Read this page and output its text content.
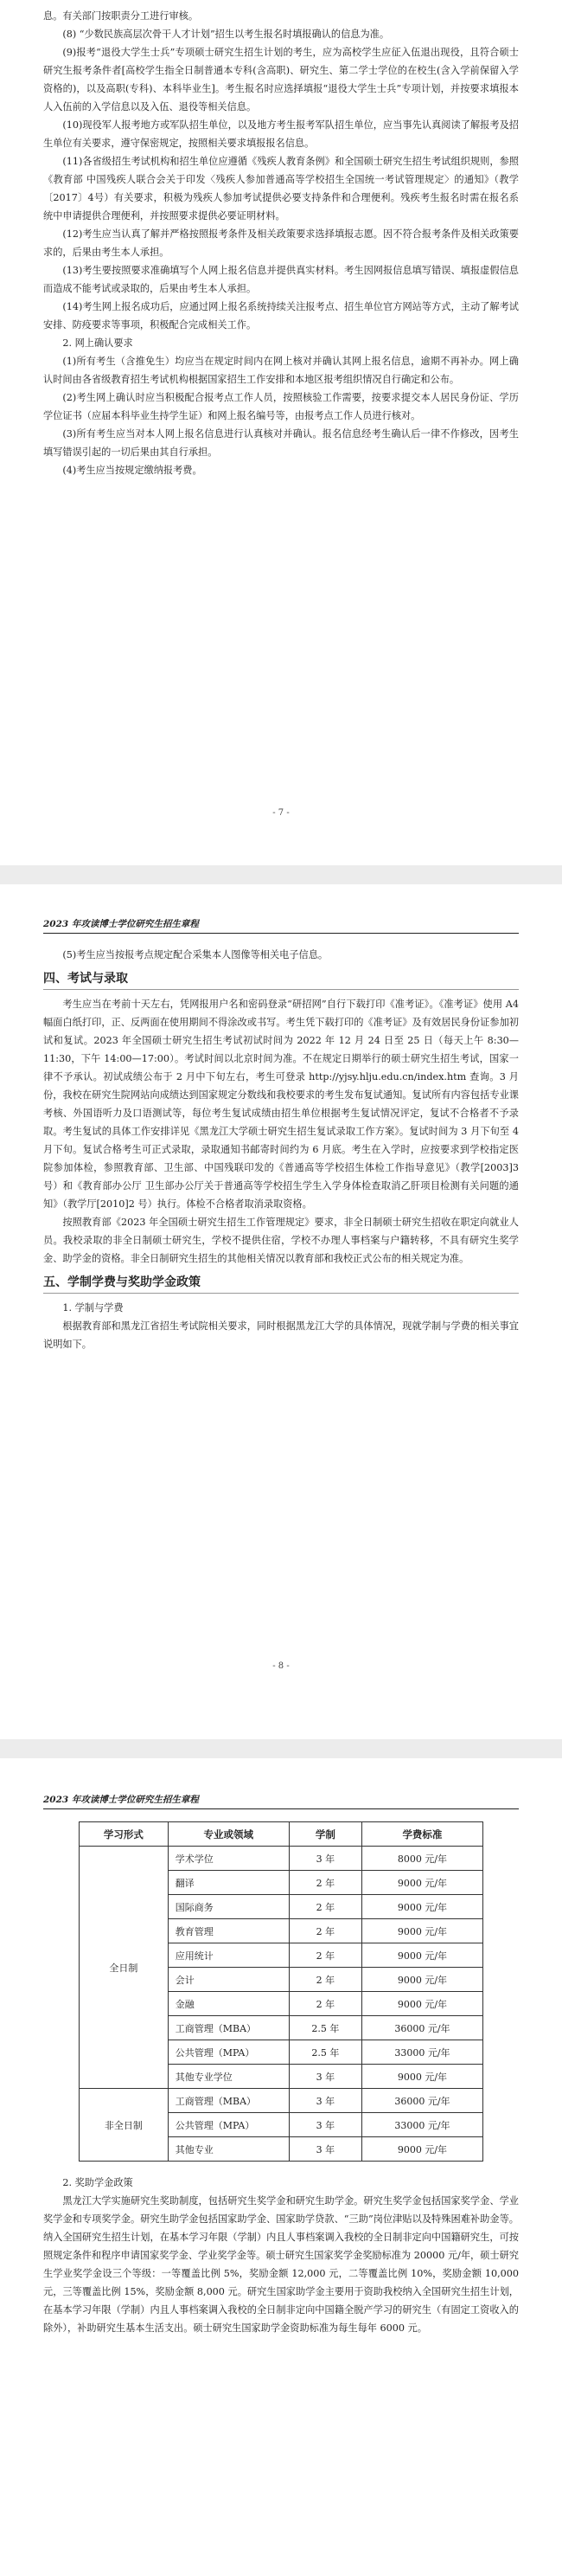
息。有关部门按职责分工进行审核。

(8) “少数民族高层次骨干人才计划”招生以考生报名时填报确认的信息为准。

(9)报考“退役大学生士兵”专项硕士研究生招生计划的考生，应为高校学生应征入伍退出现役，且符合硕士研究生报考条件者[高校学生指全日制普通本专科(含高职)、研究生、第二学士学位的在校生(含入学前保留入学资格的)，以及高职(专科)、本科毕业生]。考生报名时应选择填报“退役大学生士兵”专项计划，并按要求填报本人入伍前的入学信息以及入伍、退役等相关信息。

(10)现役军人报考地方或军队招生单位，以及地方考生报考军队招生单位，应当事先认真阅读了解报考及招生单位有关要求，遵守保密规定，按照相关要求填报报名信息。

(11)各省级招生考试机构和招生单位应遵循《残疾人教育条例》和全国硕士研究生招生考试组织规则，参照《教育部 中国残疾人联合会关于印发〈残疾人参加普通高等学校招生全国统一考试管理规定〉的通知》（教学〔2017〕4号）有关要求，积极为残疾人参加考试提供必要支持条件和合理便利。残疾考生报名时需在报名系统中申请提供合理便利，并按照要求提供必要证明材料。

(12)考生应当认真了解并严格按照报考条件及相关政策要求选择填报志愿。因不符合报考条件及相关政策要求的，后果由考生本人承担。

(13)考生要按照要求准确填写个人网上报名信息并提供真实材料。考生因网报信息填写错误、填报虚假信息而造成不能考试或录取的，后果由考生本人承担。

(14)考生网上报名成功后，应通过网上报名系统持续关注报考点、招生单位官方网站等方式，主动了解考试安排、防疫要求等事项，积极配合完成相关工作。

2. 网上确认要求

(1)所有考生（含推免生）均应当在规定时间内在网上核对并确认其网上报名信息，逾期不再补办。网上确认时间由各省级教育招生考试机构根据国家招生工作安排和本地区报考组织情况自行确定和公布。

(2)考生网上确认时应当积极配合报考点工作人员，按照核验工作需要，按要求提交本人居民身份证、学历学位证书（应届本科毕业生持学生证）和网上报名编号等，由报考点工作人员进行核对。

(3)所有考生应当对本人网上报名信息进行认真核对并确认。报名信息经考生确认后一律不作修改，因考生填写错误引起的一切后果由其自行承担。

(4)考生应当按规定缴纳报考费。

- 7 -
2023 年攻读博士学位研究生招生章程

(5)考生应当按报考点规定配合采集本人图像等相关电子信息。

四、考试与录取

考生应当在考前十天左右，凭网报用户名和密码登录“研招网”自行下载打印《准考证》。《准考证》使用 A4 幅面白纸打印，正、反两面在使用期间不得涂改或书写。考生凭下载打印的《准考证》及有效居民身份证参加初试和复试。2023 年全国硕士研究生招生考试初试时间为 2022 年 12 月 24 日至 25 日（每天上午 8:30—11:30，下午 14:00—17:00）。考试时间以北京时间为准。不在规定日期举行的硕士研究生招生考试，国家一律不予承认。初试成绩公布于 2 月中下旬左右，考生可登录 http://yjsy.hlju.edu.cn/index.htm 查询。3 月份，我校在研究生院网站向成绩达到国家规定分数线和我校要求的考生发布复试通知。复试所有内容包括专业课考核、外国语听力及口语测试等，每位考生复试成绩由招生单位根据考生复试情况评定，复试不合格者不予录取。考生复试的具体工作安排详见《黑龙江大学硕士研究生招生复试录取工作方案》。复试时间为 3 月下旬至 4 月下旬。复试合格考生可正式录取，录取通知书邮寄时间约为 6 月底。考生在入学时，应按要求到学校指定医院参加体检，参照教育部、卫生部、中国残联印发的《普通高等学校招生体检工作指导意见》（教学[2003]3 号）和《教育部办公厅 卫生部办公厅关于普通高等学校招生学生入学身体检查取消乙肝项目检测有关问题的通知》（教学厅[2010]2 号）执行。体检不合格者取消录取资格。

按照教育部《2023 年全国硕士研究生招生工作管理规定》要求，非全日制硕士研究生招收在职定向就业人员。我校录取的非全日制硕士研究生，学校不提供住宿，学校不办理人事档案与户籍转移，不具有研究生奖学金、助学金的资格。非全日制研究生招生的其他相关情况以教育部和我校正式公布的相关规定为准。

五、学制学费与奖助学金政策

1. 学制与学费

根据教育部和黑龙江省招生考试院相关要求，同时根据黑龙江大学的具体情况，现就学制与学费的相关事宜说明如下。

- 8 -
2023 年攻读博士学位研究生招生章程
学习形式	专业或领域	学制	学费标准
全日制	学术学位	3 年	8000 元/年
	翻译	2 年	9000 元/年
	国际商务	2 年	9000 元/年
	教育管理	2 年	9000 元/年
	应用统计	2 年	9000 元/年
	会计	2 年	9000 元/年
	金融	2 年	9000 元/年
	工商管理（MBA）	2.5 年	36000 元/年
	公共管理（MPA）	2.5 年	33000 元/年
	其他专业学位	3 年	9000 元/年
非全日制	工商管理（MBA）	3 年	36000 元/年
	公共管理（MPA）	3 年	33000 元/年
	其他专业	3 年	9000 元/年

2. 奖助学金政策

黑龙江大学实施研究生奖助制度，包括研究生奖学金和研究生助学金。研究生奖学金包括国家奖学金、学业奖学金和专项奖学金。研究生助学金包括国家助学金、国家助学贷款、“三助”岗位津贴以及特殊困难补助金等。纳入全国研究生招生计划，在基本学习年限（学制）内且人事档案调入我校的全日制非定向中国籍研究生，可按照规定条件和程序申请国家奖学金、学业奖学金等。硕士研究生国家奖学金奖励标准为 20000 元/年，硕士研究生学业奖学金设三个等级：一等覆盖比例 5%，奖励金额 12,000 元，二等覆盖比例 10%，奖励金额 10,000 元，三等覆盖比例 15%，奖励金额 8,000 元。研究生国家助学金主要用于资助我校纳入全国研究生招生计划，在基本学习年限（学制）内且人事档案调入我校的全日制非定向中国籍全脱产学习的研究生（有固定工资收入的除外），补助研究生基本生活支出。硕士研究生国家助学金资助标准为每生每年 6000 元。
